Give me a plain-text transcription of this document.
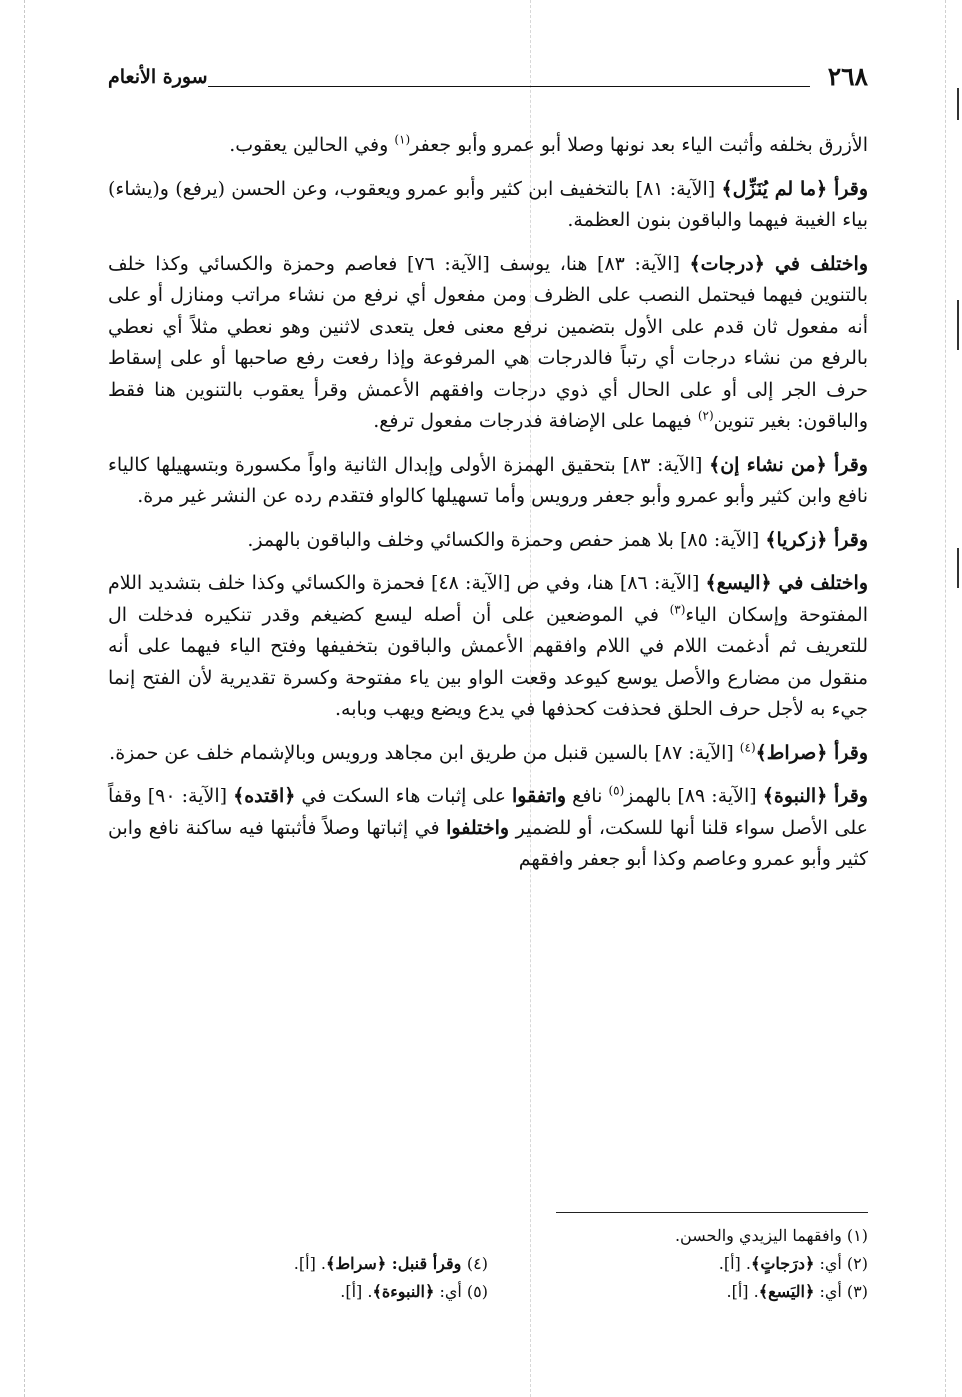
٢٦٨
سورة الأنعام

الأزرق بخلفه وأثبت الياء بعد نونها وصلا أبو عمرو وأبو جعفر$^{(١)}$ وفي الحالين يعقوب.

وقرأ ﴿ما لم يُنَزِّل﴾ [الآية: ٨١] بالتخفيف ابن كثير وأبو عمرو ويعقوب، وعن الحسن (يرفع) و(يشاء) بياء الغيبة فيهما والباقون بنون العظمة.

واختلف في ﴿درجات﴾ [الآية: ٨٣] هنا، يوسف [الآية: ٧٦] فعاصم وحمزة والكسائي وكذا خلف بالتنوين فيهما فيحتمل النصب على الظرف ومن مفعول أي نرفع من نشاء مراتب ومنازل أو على أنه مفعول ثان قدم على الأول بتضمين نرفع معنى فعل يتعدى لاثنين وهو نعطي مثلاً أي نعطي بالرفع من نشاء درجات أي رتباً فالدرجات هي المرفوعة وإذا رفعت رفع صاحبها أو على إسقاط حرف الجر إلى أو على الحال أي ذوي درجات وافقهم الأعمش وقرأ يعقوب بالتنوين هنا فقط والباقون: بغير تنوين$^{(٢)}$ فيهما على الإضافة فدرجات مفعول ترفع.

وقرأ ﴿من نشاء إن﴾ [الآية: ٨٣] بتحقيق الهمزة الأولى وإبدال الثانية واواً مكسورة وبتسهيلها كالياء نافع وابن كثير وأبو عمرو وأبو جعفر ورويس وأما تسهيلها كالواو فتقدم رده عن النشر غير مرة.

وقرأ ﴿زكريا﴾ [الآية: ٨٥] بلا همز حفص وحمزة والكسائي وخلف والباقون بالهمز.

واختلف في ﴿اليسع﴾ [الآية: ٨٦] هنا، وفي ص [الآية: ٤٨] فحمزة والكسائي وكذا خلف بتشديد اللام المفتوحة وإسكان الياء$^{(٣)}$ في الموضعين على أن أصله ليسع كضيغم وقدر تنكيره فدخلت ال للتعريف ثم أدغمت اللام في اللام وافقهم الأعمش والباقون بتخفيفها وفتح الياء فيهما على أنه منقول من مضارع والأصل يوسع كيوعد وقعت الواو بين ياء مفتوحة وكسرة تقديرية لأن الفتح إنما جيء به لأجل حرف الحلق فحذفت كحذفها في يدع ويضع ويهب وبابه.

وقرأ ﴿صراط﴾$^{(٤)}$ [الآية: ٨٧] بالسين قنبل من طريق ابن مجاهد ورويس وبالإشمام خلف عن حمزة.

وقرأ ﴿النبوة﴾ [الآية: ٨٩] بالهمز$^{(٥)}$ نافع واتفقوا على إثبات هاء السكت في ﴿اقتده﴾ [الآية: ٩٠] وقفاً على الأصل سواء قلنا أنها للسكت، أو للضمير واختلفوا في إثباتها وصلاً فأثبتها فيه ساكنة نافع وابن كثير وأبو عمرو وعاصم وكذا أبو جعفر وافقهم

(١) وافقهما اليزيدي والحسن.
(٢) أي: ﴿درَجاتٍ﴾. [أ].
(٤) وقرأ قنبل: ﴿سراط﴾. [أ].
(٣) أي: ﴿اليَسع﴾. [أ].
(٥) أي: ﴿النبوءة﴾. [أ].
